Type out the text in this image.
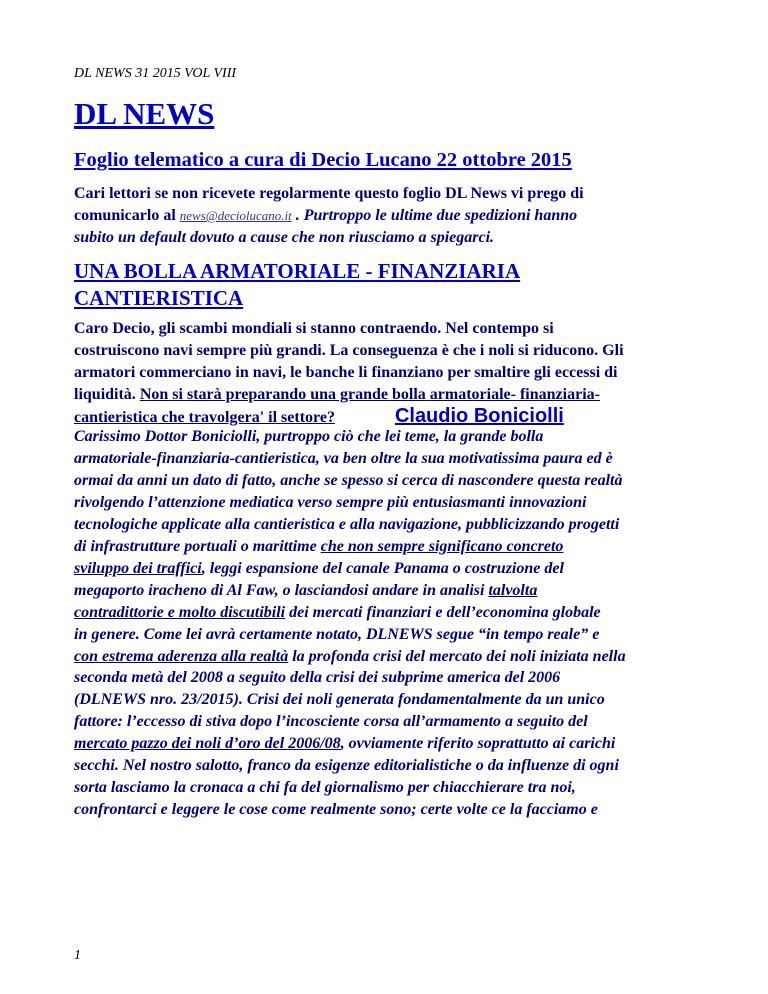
DL NEWS 31 2015 VOL VIII
DL NEWS
Foglio telematico a cura di Decio Lucano 22 ottobre 2015
Cari lettori se non ricevete regolarmente questo foglio DL News vi prego di
comunicarlo al news@deciolucano.it . Purtroppo le ultime due spedizioni hanno
subito un default dovuto a cause che non riusciamo a spiegarci.
UNA BOLLA ARMATORIALE - FINANZIARIA
CANTIERISTICA
Caro Decio, gli scambi mondiali si stanno contraendo. Nel contempo si
costruiscono navi sempre più grandi. La conseguenza è che i noli si riducono. Gli
armatori commerciano in navi, le banche li finanziano per smaltire gli eccessi di
liquidità. Non si starà preparando una grande bolla armatoriale- finanziaria-
cantieristica che travolgera' il settore?	Claudio Boniciolli
Carissimo Dottor Boniciolli, purtroppo ciò che lei teme, la grande bolla
armatoriale-finanziaria-cantieristica, va ben oltre la sua motivatissima paura ed è
ormai da anni un dato di fatto, anche se spesso si cerca di nascondere questa realtà
rivolgendo l’attenzione mediatica verso sempre più entusiasmanti innovazioni
tecnologiche applicate alla cantieristica e alla navigazione, pubblicizzando progetti
di infrastrutture portuali o marittime che non sempre significano concreto
sviluppo dei traffici, leggi espansione del canale Panama o costruzione del
megaporto iracheno di Al Faw, o lasciandosi andare in analisi talvolta
contradittorie e molto discutibili dei mercati finanziari e dell’economina globale
in genere. Come lei avrà certamente notato, DLNEWS segue “in tempo reale” e
con estrema aderenza alla realtà la profonda crisi del mercato dei noli iniziata nella
seconda metà del 2008 a seguito della crisi dei subprime america del 2006
(DLNEWS nro. 23/2015). Crisi dei noli generata fondamentalmente da un unico
fattore: l’eccesso di stiva dopo l’incosciente corsa all’armamento a seguito del
mercato pazzo dei noli d’oro del 2006/08, ovviamente riferito soprattutto ai carichi
secchi. Nel nostro salotto, franco da esigenze editorialistiche o da influenze di ogni
sorta lasciamo la cronaca a chi fa del giornalismo per chiacchierare tra noi,
confrontarci e leggere le cose come realmente sono; certe volte ce la facciamo e
1
